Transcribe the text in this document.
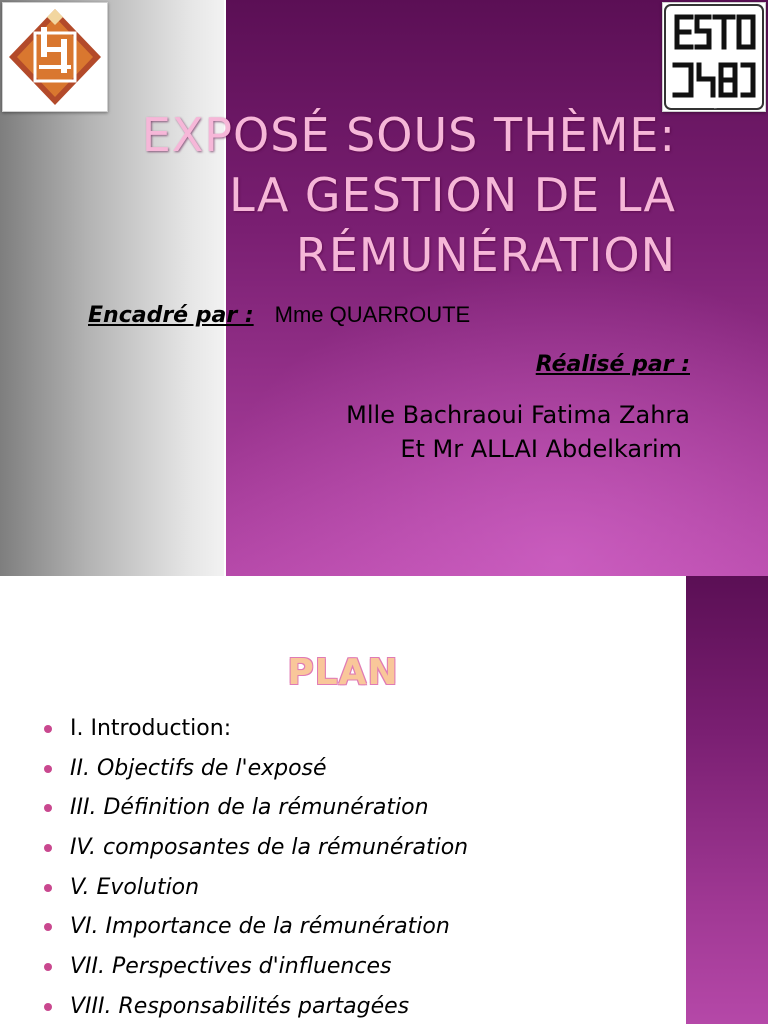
ESTO
EXPOSÉ SOUS THÈME:
LA GESTION DE LA
RÉMUNÉRATION
Encadré par : Mme QUARROUTE
Réalisé par :
Mlle Bachraoui Fatima Zahra
Et Mr ALLAI Abdelkarim
PLAN
I. Introduction:
II. Objectifs de l'exposé
III. Définition de la rémunération
IV. composantes de la rémunération
V. Evolution
VI. Importance de la rémunération
VII. Perspectives d'influences
VIII. Responsabilités partagées
